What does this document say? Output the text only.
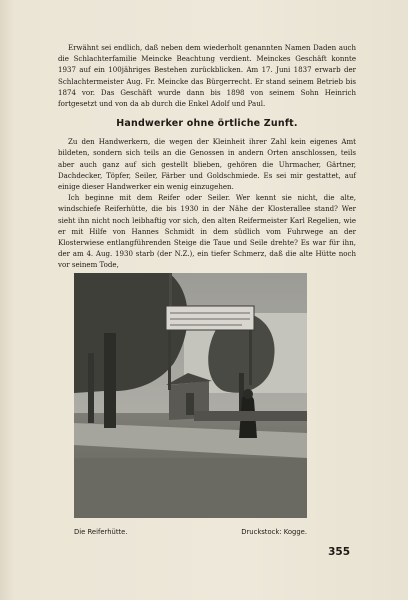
Erwähnt sei endlich, daß neben dem wiederholt genannten Namen Daden auch die Schlachterfamilie Meincke Beachtung verdient. Meinckes Geschäft konnte 1937 auf ein 100jähriges Bestehen zurückblicken. Am 17. Juni 1837 erwarb der Schlachtermeister Aug. Fr. Meincke das Bürgerrecht. Er stand seinem Betrieb bis 1874 vor. Das Geschäft wurde dann bis 1898 von seinem Sohn Heinrich fortgesetzt und von da ab durch die Enkel Adolf und Paul.

Handwerker ohne örtliche Zunft.

Zu den Handwerkern, die wegen der Kleinheit ihrer Zahl kein eigenes Amt bildeten, sondern sich teils an die Genossen in andern Orten anschlossen, teils aber auch ganz auf sich gestellt blieben, gehören die Uhrmacher, Gärtner, Dachdecker, Töpfer, Seiler, Färber und Goldschmiede. Es sei mir gestattet, auf einige dieser Handwerker ein wenig einzugehen.

Ich beginne mit dem Reifer oder Seiler. Wer kennt sie nicht, die alte, windschiefe Reiferhütte, die bis 1930 in der Nähe der Klosterallee stand? Wer sieht ihn nicht noch leibhaftig vor sich, den alten Reifermeister Karl Regelien, wie er mit Hilfe von Hannes Schmidt in dem südlich vom Fuhrwege an der Klosterwiese entlangführenden Steige die Taue und Seile drehte? Es war für ihn, der am 4. Aug. 1930 starb (der N.Z.), ein tiefer Schmerz, daß die alte Hütte noch vor seinem Tode,

Die Reiferhütte.	Druckstock: Kogge.
355
